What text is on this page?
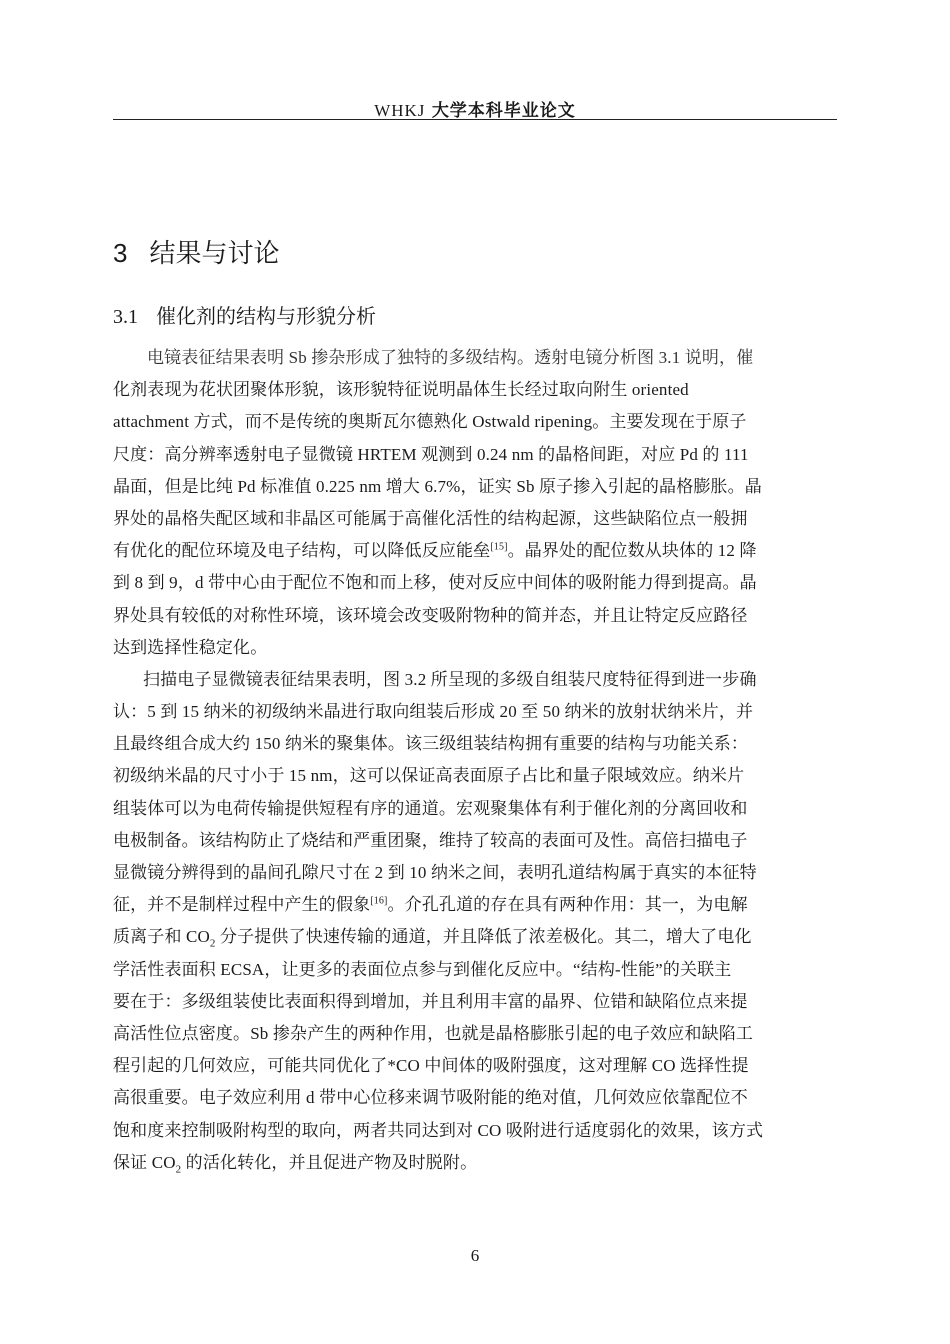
WHKJ 大学本科毕业论文
3 结果与讨论
3.1 催化剂的结构与形貌分析
电镜表征结果表明 Sb 掺杂形成了独特的多级结构。透射电镜分析图 3.1 说明，催
化剂表现为花状团聚体形貌，该形貌特征说明晶体生长经过取向附生 oriented
attachment 方式，而不是传统的奥斯瓦尔德熟化 Ostwald ripening。主要发现在于原子
尺度：高分辨率透射电子显微镜 HRTEM 观测到 0.24 nm 的晶格间距，对应 Pd 的 111
晶面，但是比纯 Pd 标准值 0.225 nm 增大 6.7%，证实 Sb 原子掺入引起的晶格膨胀。晶
界处的晶格失配区域和非晶区可能属于高催化活性的结构起源，这些缺陷位点一般拥
有优化的配位环境及电子结构，可以降低反应能垒[15]。晶界处的配位数从块体的 12 降
到 8 到 9，d 带中心由于配位不饱和而上移，使对反应中间体的吸附能力得到提高。晶
界处具有较低的对称性环境，该环境会改变吸附物种的简并态，并且让特定反应路径
达到选择性稳定化。
扫描电子显微镜表征结果表明，图 3.2 所呈现的多级自组装尺度特征得到进一步确
认：5 到 15 纳米的初级纳米晶进行取向组装后形成 20 至 50 纳米的放射状纳米片，并
且最终组合成大约 150 纳米的聚集体。该三级组装结构拥有重要的结构与功能关系：
初级纳米晶的尺寸小于 15 nm，这可以保证高表面原子占比和量子限域效应。纳米片
组装体可以为电荷传输提供短程有序的通道。宏观聚集体有利于催化剂的分离回收和
电极制备。该结构防止了烧结和严重团聚，维持了较高的表面可及性。高倍扫描电子
显微镜分辨得到的晶间孔隙尺寸在 2 到 10 纳米之间，表明孔道结构属于真实的本征特
征，并不是制样过程中产生的假象[16]。介孔孔道的存在具有两种作用：其一，为电解
质离子和 $CO_2$ 分子提供了快速传输的通道，并且降低了浓差极化。其二，增大了电化
学活性表面积 ECSA，让更多的表面位点参与到催化反应中。“结构-性能”的关联主
要在于：多级组装使比表面积得到增加，并且利用丰富的晶界、位错和缺陷位点来提
高活性位点密度。Sb 掺杂产生的两种作用，也就是晶格膨胀引起的电子效应和缺陷工
程引起的几何效应，可能共同优化了*CO 中间体的吸附强度，这对理解 CO 选择性提
高很重要。电子效应利用 d 带中心位移来调节吸附能的绝对值，几何效应依靠配位不
饱和度来控制吸附构型的取向，两者共同达到对 CO 吸附进行适度弱化的效果，该方式
保证 $CO_2$ 的活化转化，并且促进产物及时脱附。
6
